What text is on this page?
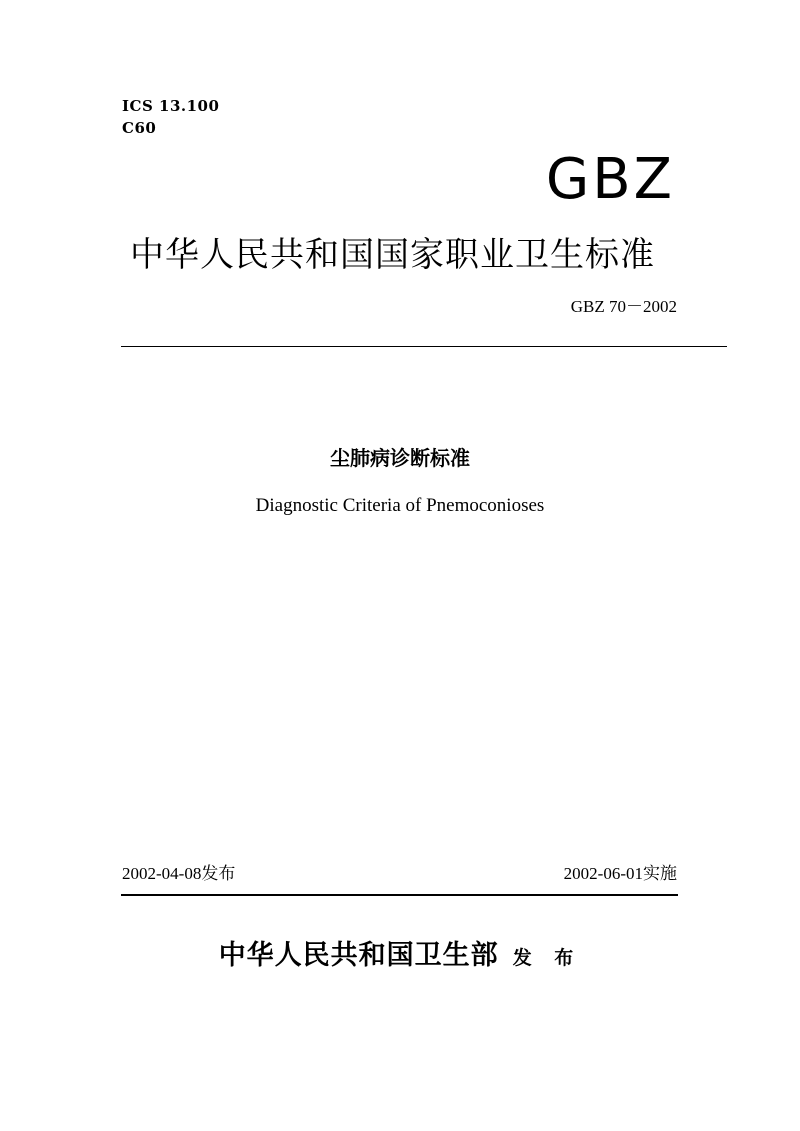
ICS 13.100
C60
GBZ
中华人民共和国国家职业卫生标准
GBZ 70－2002
尘肺病诊断标准
Diagnostic Criteria of Pnemoconioses
2002-04-08发布	2002-06-01实施
中华人民共和国卫生部 发 布
